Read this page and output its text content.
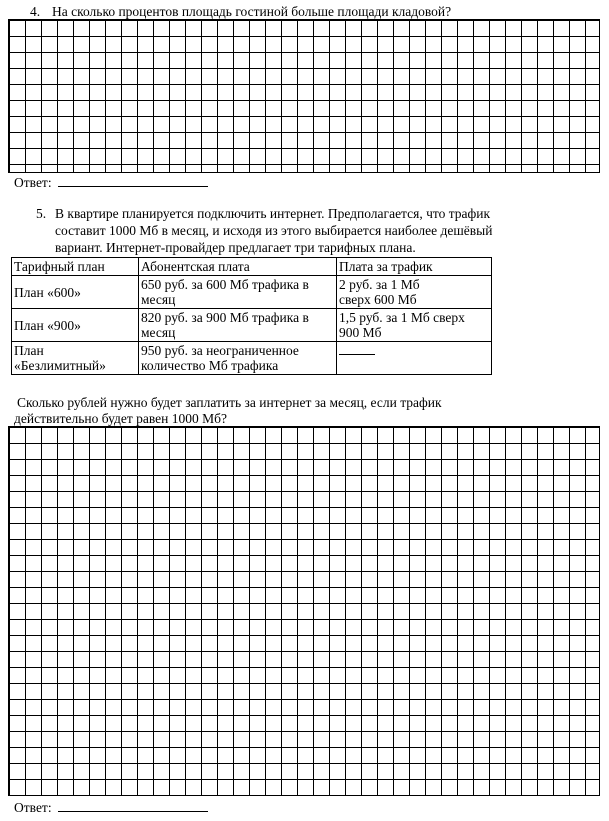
4. На сколько процентов площадь гостиной больше площади кладовой?
Ответ:
5. В квартире планируется подключить интернет. Предполагается, что трафик
составит 1000 Мб в месяц, и исходя из этого выбирается наиболее дешёвый
вариант. Интернет-провайдер предлагает три тарифных плана.
Тарифный план	Абонентская плата	Плата за трафик
План «600»	650 руб. за 600 Мб трафика в
месяц	2 руб. за 1 Мб
сверх 600 Мб
План «900»	820 руб. за 900 Мб трафика в
месяц	1,5 руб. за 1 Мб сверх
900 Мб
План
«Безлимитный»	950 руб. за неограниченное
количество Мб трафика	
Сколько рублей нужно будет заплатить за интернет за месяц, если трафик
действительно будет равен 1000 Мб?
Ответ:
